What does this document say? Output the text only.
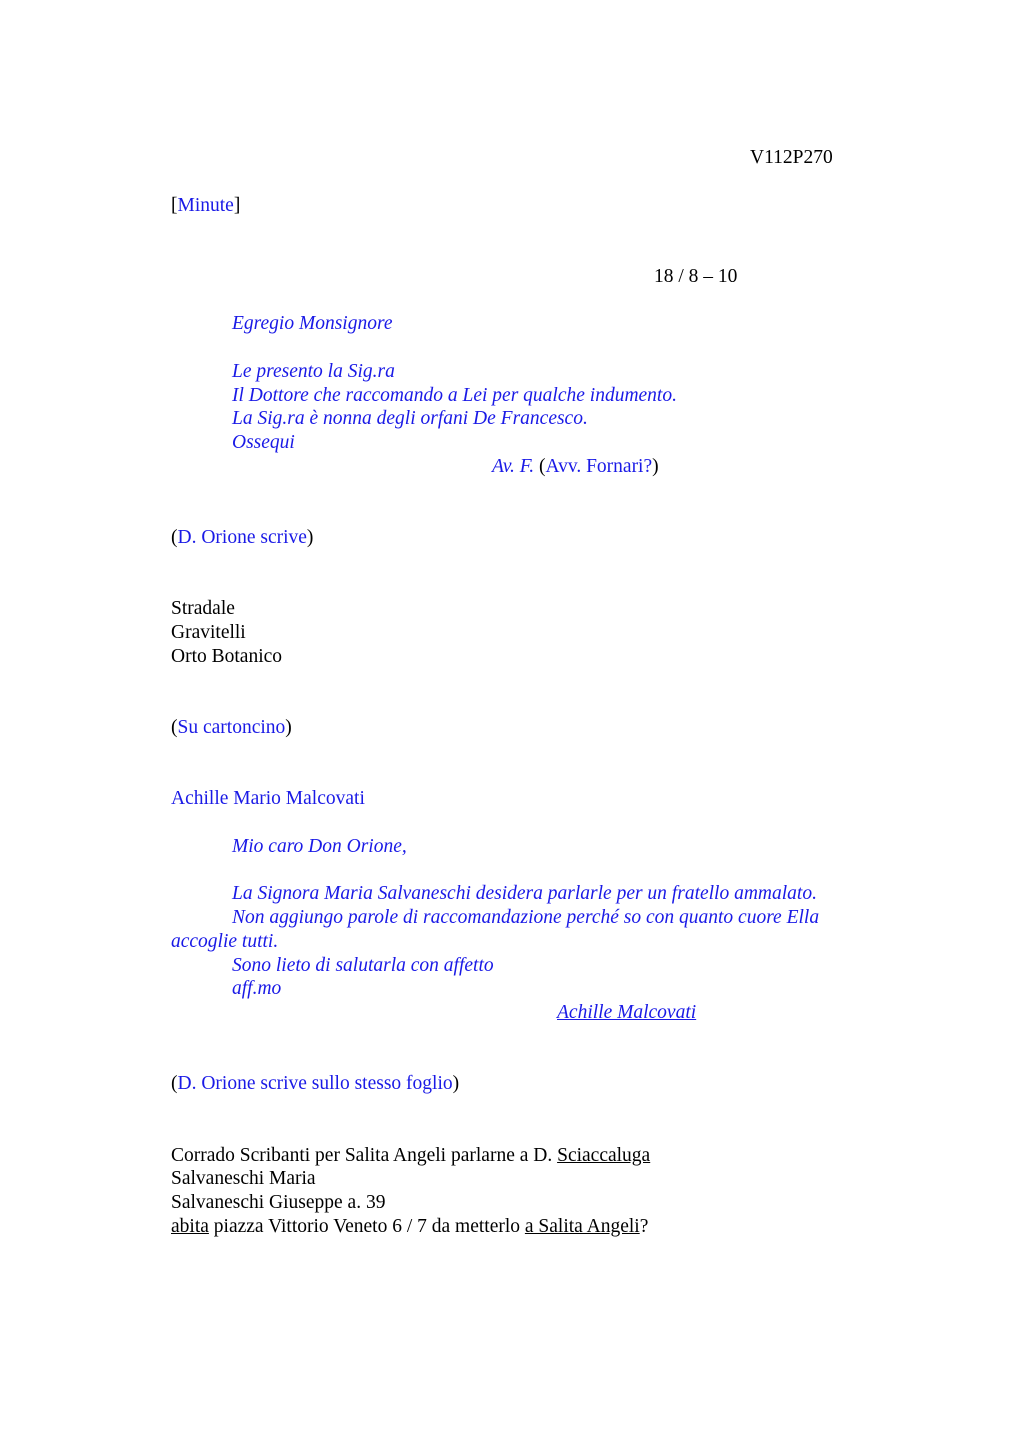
V112P270
[Minute]
18 / 8 – 10
Egregio Monsignore
Le presento la Sig.ra
Il Dottore che raccomando a Lei per qualche indumento.
La Sig.ra è nonna degli orfani De Francesco.
Ossequi
Av. F. (Avv. Fornari?)
(D. Orione scrive)
Stradale
Gravitelli
Orto Botanico
(Su cartoncino)
Achille Mario Malcovati
Mio caro Don Orione,
La Signora Maria Salvaneschi desidera parlarle per un fratello ammalato.
Non aggiungo parole di raccomandazione perché so con quanto cuore Ella
accoglie tutti.
Sono lieto di salutarla con affetto
aff.mo
Achille Malcovati
(D. Orione scrive sullo stesso foglio)
Corrado Scribanti per Salita Angeli parlarne a D. Sciaccaluga
Salvaneschi Maria
Salvaneschi Giuseppe a. 39
abita piazza Vittorio Veneto 6 / 7 da metterlo a Salita Angeli?
